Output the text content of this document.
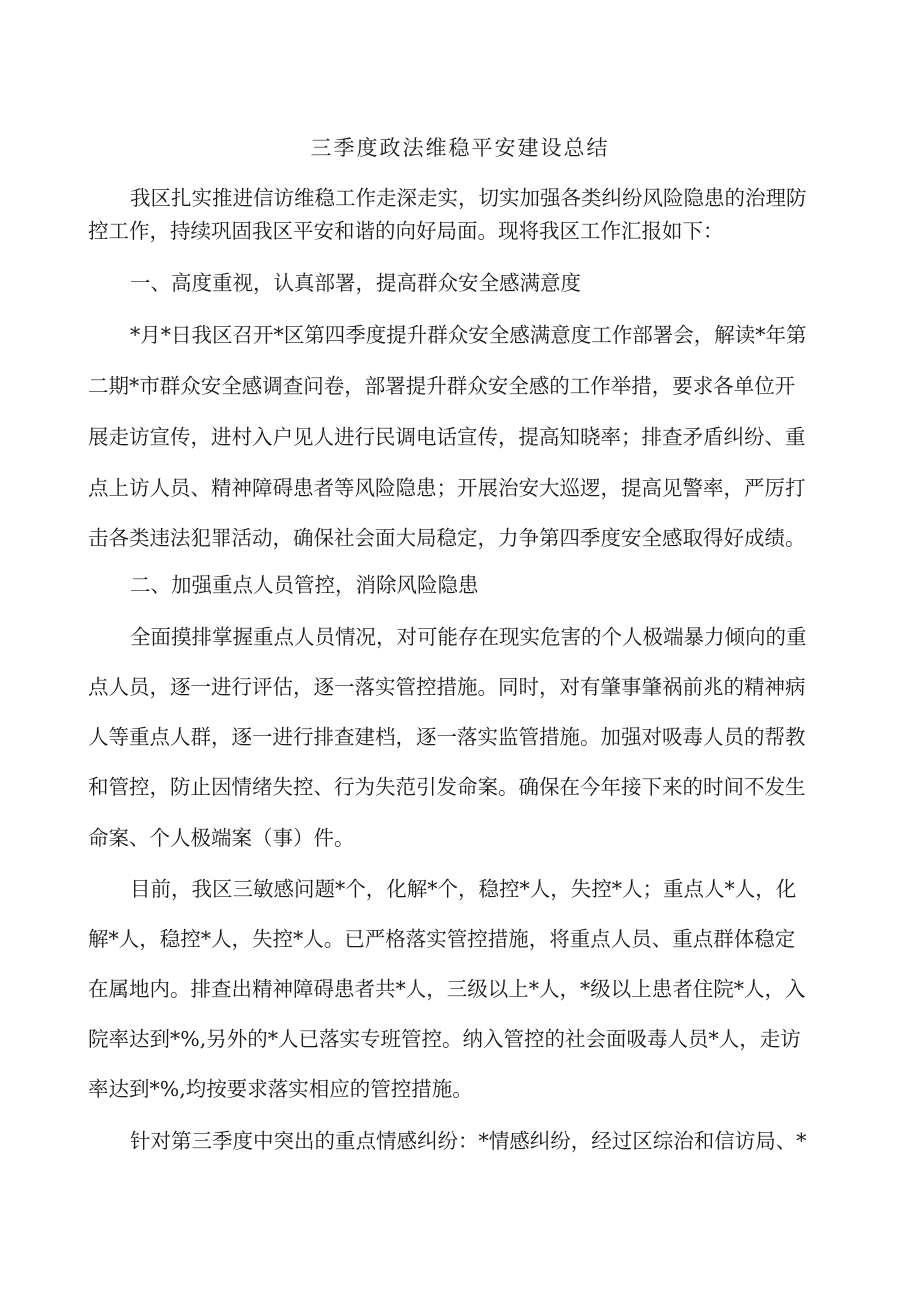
三季度政法维稳平安建设总结
我区扎实推进信访维稳工作走深走实，切实加强各类纠纷风险隐患的治理防
控工作，持续巩固我区平安和谐的向好局面。现将我区工作汇报如下：
一、高度重视，认真部署，提高群众安全感满意度
*月*日我区召开*区第四季度提升群众安全感满意度工作部署会，解读*年第
二期*市群众安全感调查问卷，部署提升群众安全感的工作举措，要求各单位开
展走访宣传，进村入户见人进行民调电话宣传，提高知晓率；排查矛盾纠纷、重
点上访人员、精神障碍患者等风险隐患；开展治安大巡逻，提高见警率，严厉打
击各类违法犯罪活动，确保社会面大局稳定，力争第四季度安全感取得好成绩。
二、加强重点人员管控，消除风险隐患
全面摸排掌握重点人员情况，对可能存在现实危害的个人极端暴力倾向的重
点人员，逐一进行评估，逐一落实管控措施。同时，对有肇事肇祸前兆的精神病
人等重点人群，逐一进行排查建档，逐一落实监管措施。加强对吸毒人员的帮教
和管控，防止因情绪失控、行为失范引发命案。确保在今年接下来的时间不发生
命案、个人极端案（事）件。
目前，我区三敏感问题*个，化解*个，稳控*人，失控*人；重点人*人，化
解*人，稳控*人，失控*人。已严格落实管控措施，将重点人员、重点群体稳定
在属地内。排查出精神障碍患者共*人，三级以上*人，*级以上患者住院*人，入
院率达到*%,另外的*人已落实专班管控。纳入管控的社会面吸毒人员*人，走访
率达到*%,均按要求落实相应的管控措施。
针对第三季度中突出的重点情感纠纷：*情感纠纷，经过区综治和信访局、*
